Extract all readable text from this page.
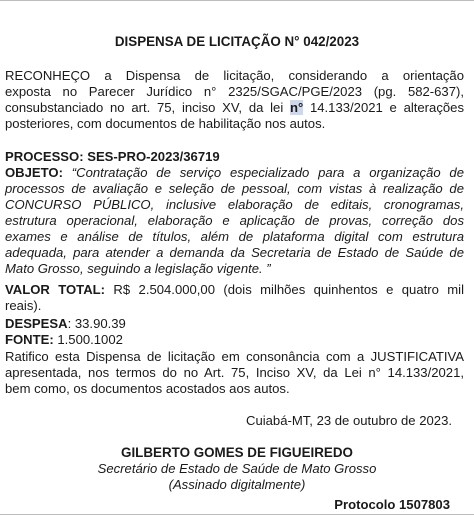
DISPENSA DE LICITAÇÃO N° 042/2023
RECONHEÇO a Dispensa de licitação, considerando a orientação
exposta no Parecer Jurídico n° 2325/SGAC/PGE/2023 (pg. 582-637),
consubstanciado no art. 75, inciso XV, da lei n° 14.133/2021 e alterações
posteriores, com documentos de habilitação nos autos.
PROCESSO: SES-PRO-2023/36719
OBJETO: “Contratação de serviço especializado para a organização de
processos de avaliação e seleção de pessoal, com vistas à realização de
CONCURSO PÚBLICO, inclusive elaboração de editais, cronogramas,
estrutura operacional, elaboração e aplicação de provas, correção dos
exames e análise de títulos, além de plataforma digital com estrutura
adequada, para atender a demanda da Secretaria de Estado de Saúde de
Mato Grosso, seguindo a legislação vigente. ”
VALOR TOTAL: R$ 2.504.000,00 (dois milhões quinhentos e quatro mil
reais).
DESPESA: 33.90.39
FONTE: 1.500.1002
Ratifico esta Dispensa de licitação em consonância com a JUSTIFICATIVA
apresentada, nos termos do no Art. 75, Inciso XV, da Lei n° 14.133/2021,
bem como, os documentos acostados aos autos.
Cuiabá-MT, 23 de outubro de 2023.
GILBERTO GOMES DE FIGUEIREDO
Secretário de Estado de Saúde de Mato Grosso
(Assinado digitalmente)
Protocolo 1507803
